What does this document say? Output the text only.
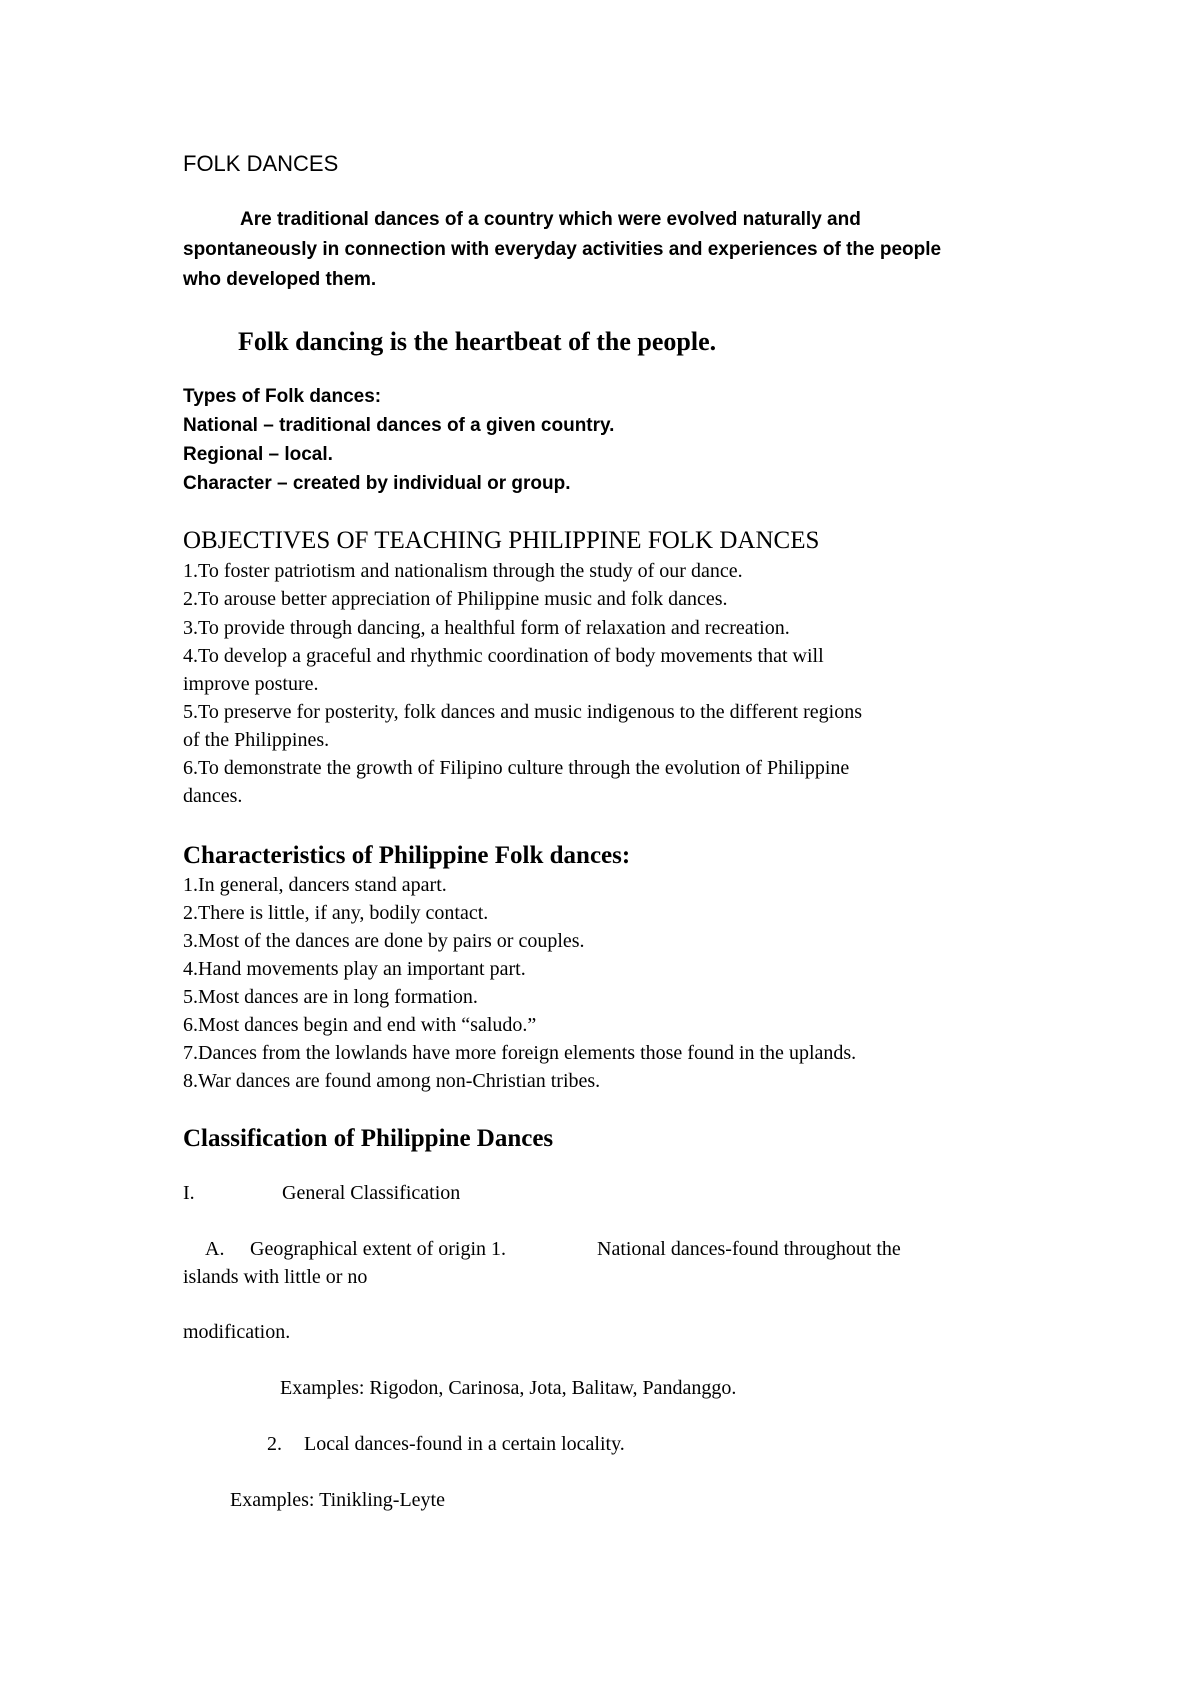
FOLK DANCES
Are traditional dances of a country which were evolved naturally and
spontaneously in connection with everyday activities and experiences of the people
who developed them.
Folk dancing is the heartbeat of the people.
Types of Folk dances:
National – traditional dances of a given country.
Regional – local.
Character – created by individual or group.
OBJECTIVES OF TEACHING PHILIPPINE FOLK DANCES
1.To foster patriotism and nationalism through the study of our dance.
2.To arouse better appreciation of Philippine music and folk dances.
3.To provide through dancing, a healthful form of relaxation and recreation.
4.To develop a graceful and rhythmic coordination of body movements that will
improve posture.
5.To preserve for posterity, folk dances and music indigenous to the different regions
of the Philippines.
6.To demonstrate the growth of Filipino culture through the evolution of Philippine
dances.
Characteristics of Philippine Folk dances:
1.In general, dancers stand apart.
2.There is little, if any, bodily contact.
3.Most of the dances are done by pairs or couples.
4.Hand movements play an important part.
5.Most dances are in long formation.
6.Most dances begin and end with “saludo.”
7.Dances from the lowlands have more foreign elements those found in the uplands.
8.War dances are found among non-Christian tribes.
Classification of Philippine Dances
I.	General Classification
A. Geographical extent of origin 1.	National dances-found throughout the
islands with little or no
modification.
Examples: Rigodon, Carinosa, Jota, Balitaw, Pandanggo.
2. Local dances-found in a certain locality.
Examples: Tinikling-Leyte
